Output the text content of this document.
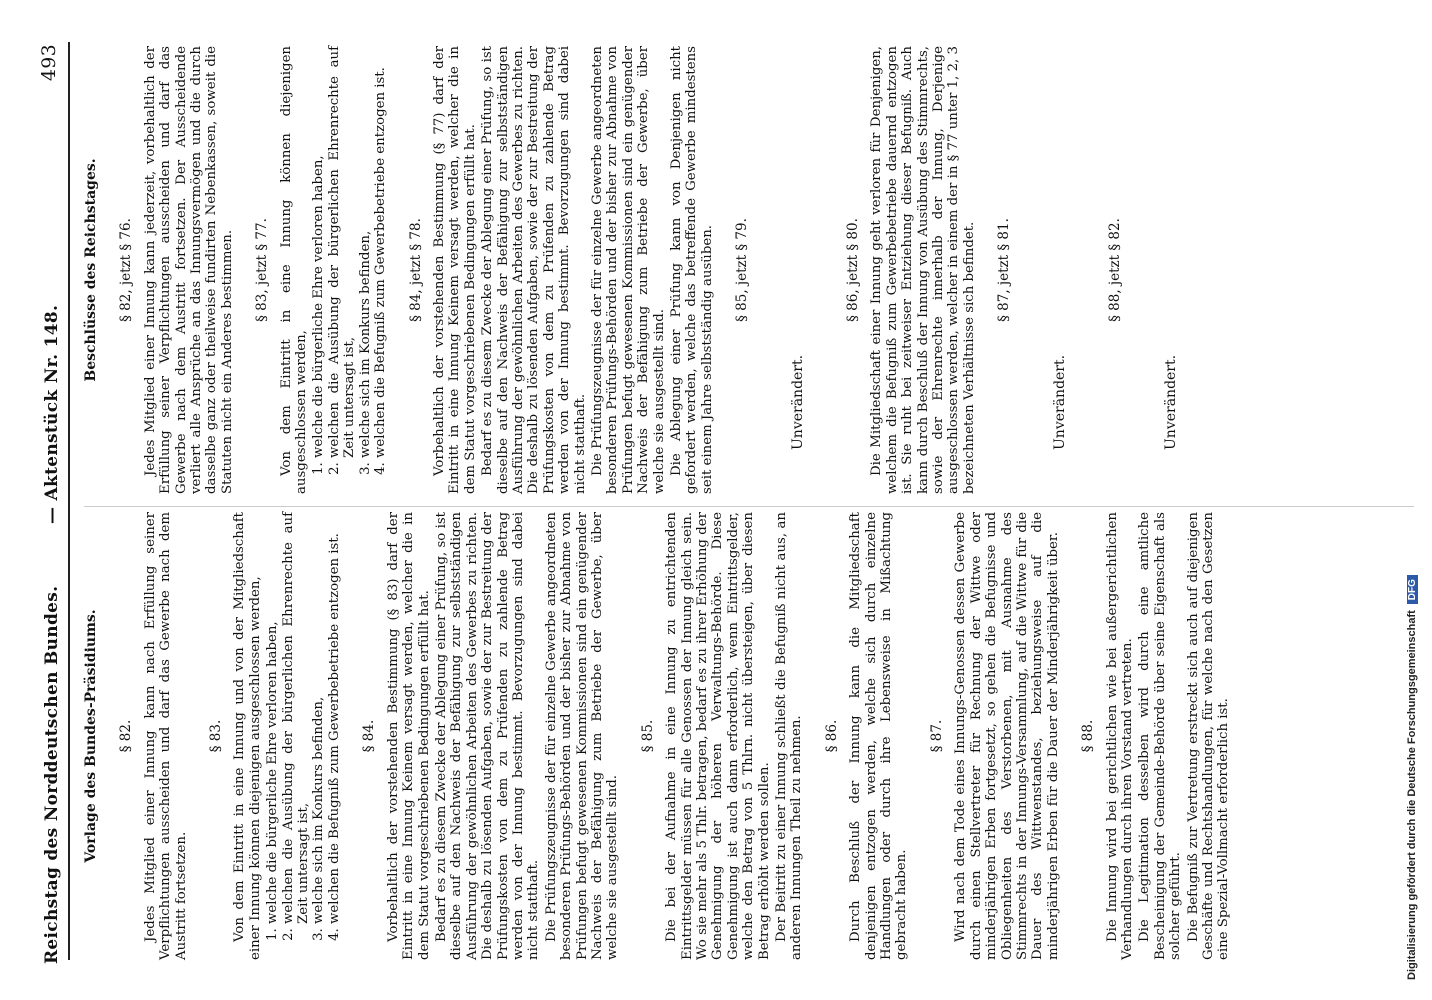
Reichstag des Norddeutschen Bundes.
— Aktenstück Nr. 148.
493
Vorlage des Bundes-Präsidiums. § 82. Jedes Mitglied einer Innung kann nach Erfüllung seiner Verpflichtungen ausscheiden und darf das Gewerbe nach dem Austritt fortsetzen.

§ 83. Von dem Eintritt in eine Innung und von der Mitgliedschaft einer Innung können diejenigen ausgeschlossen werden, 1. welche die bürgerliche Ehre verloren haben, 2. welchen die Ausübung der bürgerlichen Ehrenrechte auf Zeit untersagt ist, 3. welche sich im Konkurs befinden, 4. welchen die Befugniß zum Gewerbebetriebe entzogen ist. § 84. Vorbehaltlich der vorstehenden Bestimmung (§ 83) darf der Eintritt in eine Innung Keinem versagt werden, welcher die in dem Statut vorgeschriebenen Bedingungen erfüllt hat. Bedarf es zu diesem Zwecke der Ablegung einer Prüfung, so ist dieselbe auf den Nachweis der Befähigung zur selbstständigen Ausführung der gewöhnlichen Arbeiten des Gewerbes zu richten. Die deshalb zu lösenden Aufgaben, sowie der zur Bestreitung der Prüfungskosten von dem zu Prüfenden zu zahlende Betrag werden von der Innung bestimmt. Bevorzugungen sind dabei nicht statthaft. Die Prüfungszeugnisse der für einzelne Gewerbe angeordneten besonderen Prüfungs-Behörden und der bisher zur Abnahme von Prüfungen befugt gewesenen Kommissionen sind ein genügender Nachweis der Befähigung zum Betriebe der Gewerbe, über welche sie ausgestellt sind.

§ 85. Die bei der Aufnahme in eine Innung zu entrichtenden Eintrittsgelder müssen für alle Genossen der Innung gleich sein. Wo sie mehr als 5 Thlr. betragen, bedarf es zu ihrer Erhöhung der Genehmigung der höheren Verwaltungs-Behörde. Diese Genehmigung ist auch dann erforderlich, wenn Eintrittsgelder, welche den Betrag von 5 Thlrn. nicht übersteigen, über diesen Betrag erhöht werden sollen. Der Beitritt zu einer Innung schließt die Befugniß nicht aus, an anderen Innungen Theil zu nehmen. § 86. Durch Beschluß der Innung kann die Mitgliedschaft denjenigen entzogen werden, welche sich durch einzelne Handlungen oder durch ihre Lebensweise in Mißachtung gebracht haben.

§ 87. Wird nach dem Tode eines Innungs-Genossen dessen Gewerbe durch einen Stellvertreter für Rechnung der Wittwe oder minderjährigen Erben fortgesetzt, so gehen die Befugnisse und Obliegenheiten des Verstorbenen, mit Ausnahme des Stimmrechts in der Innungs-Versammlung, auf die Wittwe für die Dauer des Wittwenstandes, beziehungsweise auf die minderjährigen Erben für die Dauer der Minderjährigkeit über. § 88. Die Innung wird bei gerichtlichen wie bei außergerichtlichen Verhandlungen durch ihren Vorstand vertreten. Die Legitimation desselben wird durch eine amtliche Bescheinigung der Gemeinde-Behörde über seine Eigenschaft als solcher geführt. Die Befugniß zur Vertretung erstreckt sich auch auf diejenigen Geschäfte und Rechtshandlungen, für welche nach den Gesetzen eine Spezial-Vollmacht erforderlich ist.

Beschlüsse des Reichstages. § 82, jetzt § 76. Jedes Mitglied einer Innung kann jederzeit, vorbehaltlich der Erfüllung seiner Verpflichtungen ausscheiden und darf das Gewerbe nach dem Austritt fortsetzen. Der Ausscheidende verliert alle Ansprüche an das Innungsvermögen und die durch dasselbe ganz oder theilweise fundirten Nebenkassen, soweit die Statuten nicht ein Anderes bestimmen. § 83, jetzt § 77. Von dem Eintritt in eine Innung können diejenigen ausgeschlossen werden, 1. welche die bürgerliche Ehre verloren haben, 2. welchen die Ausübung der bürgerlichen Ehrenrechte auf Zeit untersagt ist, 3. welche sich im Konkurs befinden, 4. welchen die Befugniß zum Gewerbebetriebe entzogen ist. § 84, jetzt § 78. Vorbehaltlich der vorstehenden Bestimmung (§ 77) darf der Eintritt in eine Innung Keinem versagt werden, welcher die in dem Statut vorgeschriebenen Bedingungen erfüllt hat. Bedarf es zu diesem Zwecke der Ablegung einer Prüfung, so ist dieselbe auf den Nachweis der Befähigung zur selbstständigen Ausführung der gewöhnlichen Arbeiten des Gewerbes zu richten. Die deshalb zu lösenden Aufgaben, sowie der zur Bestreitung der Prüfungskosten von dem zu Prüfenden zu zahlende Betrag werden von der Innung bestimmt. Bevorzugungen sind dabei nicht statthaft. Die Prüfungszeugnisse der für einzelne Gewerbe angeordneten besonderen Prüfungs-Behörden und der bisher zur Abnahme von Prüfungen befugt gewesenen Kommissionen sind ein genügender Nachweis der Befähigung zum Betriebe der Gewerbe, über welche sie ausgestellt sind. Die Ablegung einer Prüfung kann von Denjenigen nicht gefordert werden, welche das betreffende Gewerbe mindestens seit einem Jahre selbstständig ausüben. § 85, jetzt § 79.
Unverändert.
§ 86, jetzt § 80. Die Mitgliedschaft einer Innung geht verloren für Denjenigen, welchem die Befugniß zum Gewerbebetriebe dauernd entzogen ist. Sie ruht bei zeitweiser Entziehung dieser Befugniß. Auch kann durch Beschluß der Innung von Ausübung des Stimmrechts, sowie der Ehrenrechte innerhalb der Innung, Derjenige ausgeschlossen werden, welcher in einem der in § 77 unter 1, 2, 3 bezeichneten Verhältnisse sich befindet. § 87, jetzt § 81.
Unverändert.
§ 88, jetzt § 82.
Unverändert.
Digitalisierung gefördert durch die Deutsche ForschungsgemeinschaftDFG
